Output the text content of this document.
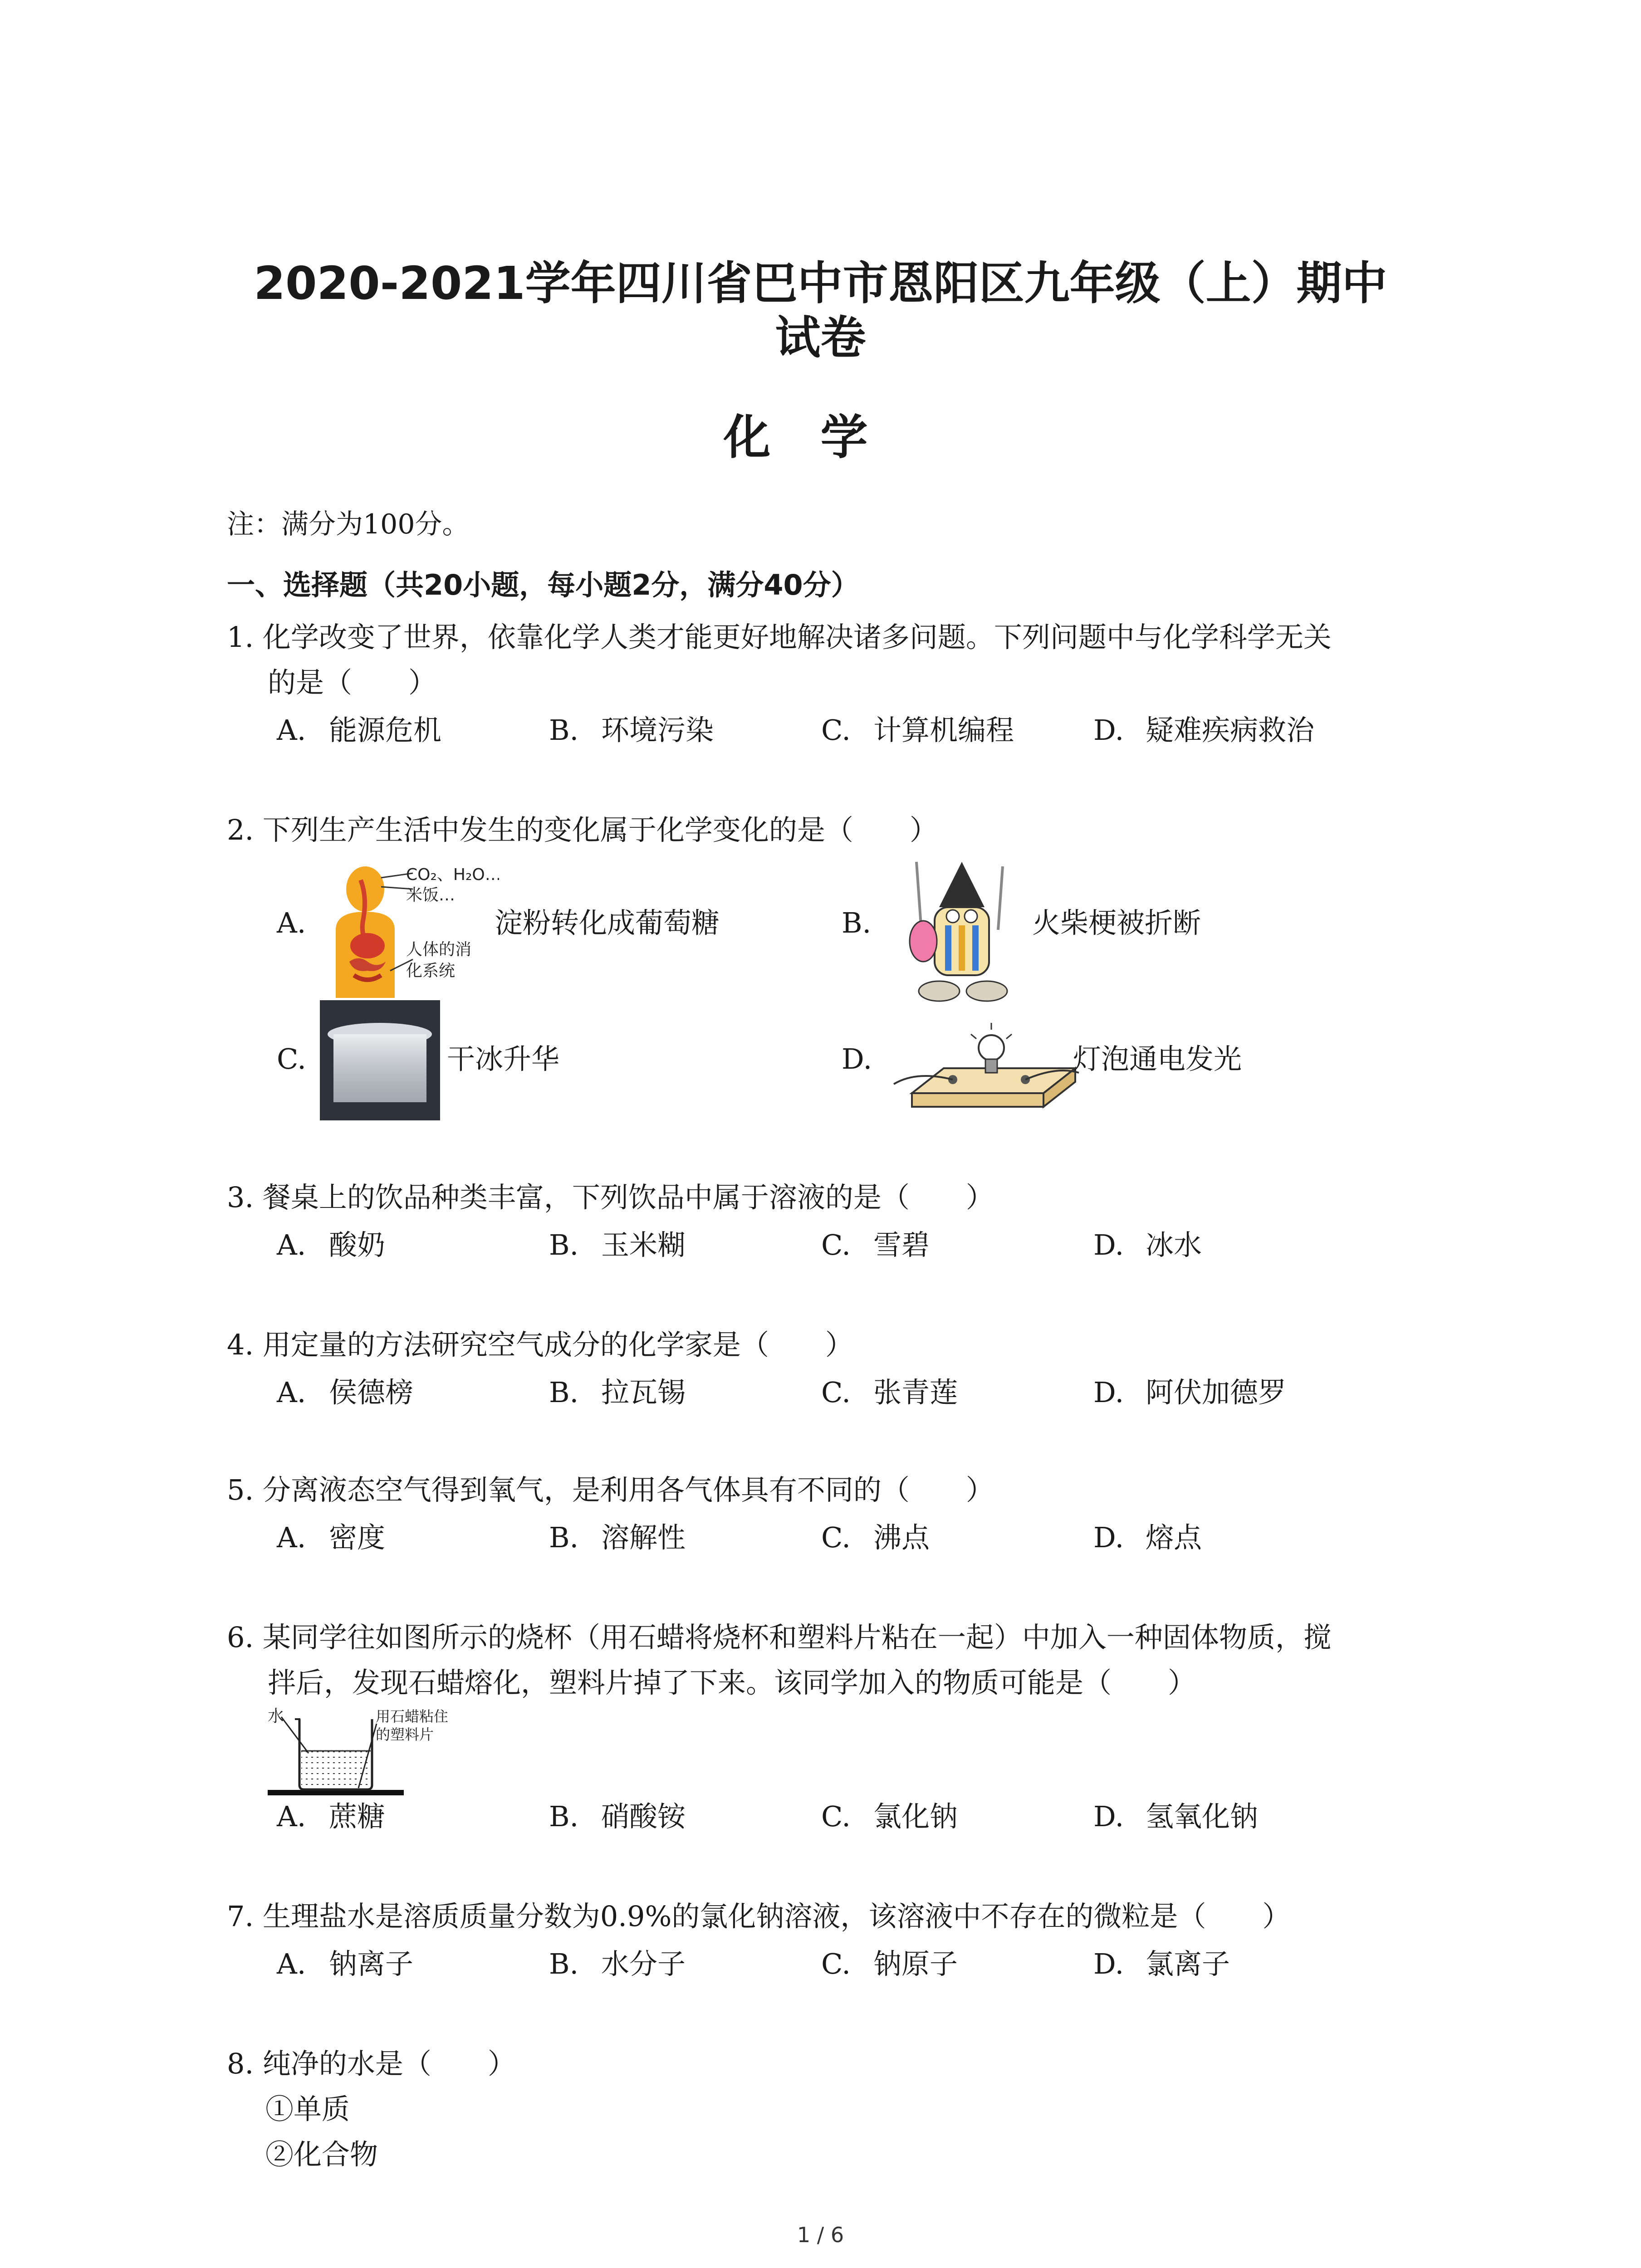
2020-2021学年四川省巴中市恩阳区九年级（上）期中
试卷
化学

注：满分为100分。

一、选择题（共20小题，每小题2分，满分40分）

1. 化学改变了世界，依靠化学人类才能更好地解决诸多问题。下列问题中与化学科学无关

的是（　　）

A. 能源危机	B. 环境污染	C. 计算机编程	D. 疑难疾病救治

2. 下列生产生活中发生的变化属于化学变化的是（　　）

A.
CO₂、H₂O…
米饭…
人体的消
化系统
淀粉转化成葡萄糖	B.	火柴梗被折断
C.	干冰升华	D.	灯泡通电发光

3. 餐桌上的饮品种类丰富，下列饮品中属于溶液的是（　　）

A. 酸奶	B. 玉米糊	C. 雪碧	D. 冰水

4. 用定量的方法研究空气成分的化学家是（　　）

A. 侯德榜	B. 拉瓦锡	C. 张青莲	D. 阿伏加德罗

5. 分离液态空气得到氧气，是利用各气体具有不同的（　　）

A. 密度	B. 溶解性	C. 沸点	D. 熔点

6. 某同学往如图所示的烧杯（用石蜡将烧杯和塑料片粘在一起）中加入一种固体物质，搅

拌后，发现石蜡熔化，塑料片掉了下来。该同学加入的物质可能是（　　）

水	用石蜡粘住
的塑料片
A. 蔗糖	B. 硝酸铵	C. 氯化钠	D. 氢氧化钠

7. 生理盐水是溶质质量分数为0.9%的氯化钠溶液，该溶液中不存在的微粒是（　　）

A. 钠离子	B. 水分子	C. 钠原子	D. 氯离子

8. 纯净的水是（　　）

①单质
②化合物
1 / 6
